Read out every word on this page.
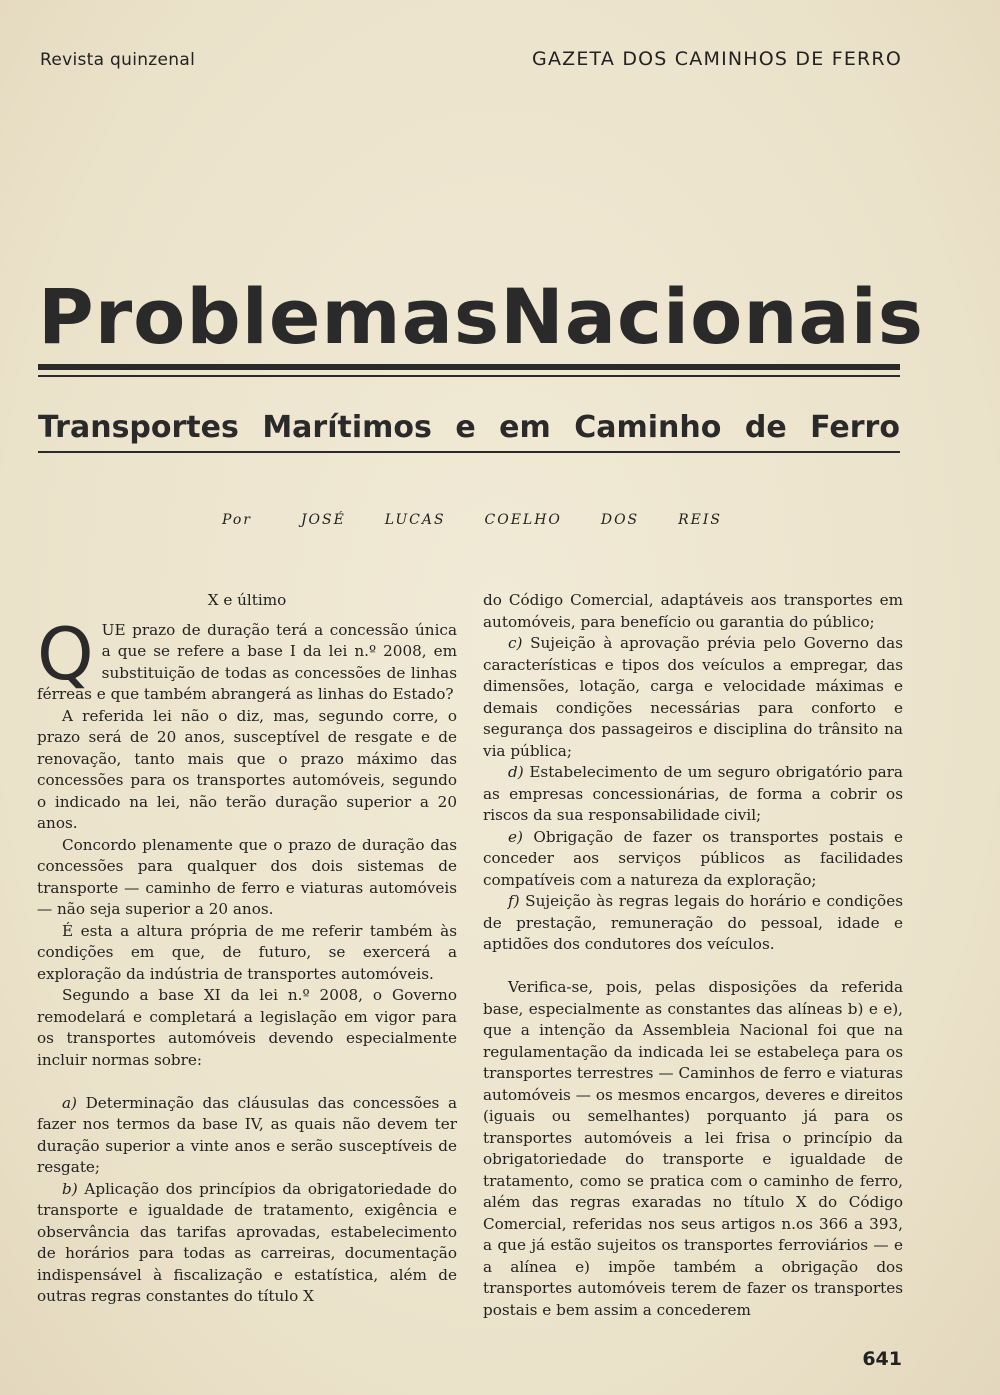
Revista quinzenal	GAZETA DOS CAMINHOS DE FERRO
Problemas Nacionais
Transportes Marítimos e em Caminho de Ferro
Por	JOSÉ	LUCAS	COELHO	DOS	REIS

X e último

QUE prazo de duração terá a concessão única a que se refere a base I da lei n.º 2008, em substituição de todas as concessões de linhas férreas e que também abrangerá as linhas do Estado?

A referida lei não o diz, mas, segundo corre, o prazo será de 20 anos, susceptível de resgate e de renovação, tanto mais que o prazo máximo das concessões para os transportes automóveis, segundo o indicado na lei, não terão duração superior a 20 anos.

Concordo plenamente que o prazo de duração das concessões para qualquer dos dois sistemas de transporte — caminho de ferro e viaturas automóveis — não seja superior a 20 anos.

É esta a altura própria de me referir também às condições em que, de futuro, se exercerá a exploração da indústria de transportes automóveis.

Segundo a base XI da lei n.º 2008, o Governo remodelará e completará a legislação em vigor para os transportes automóveis devendo especialmente incluir normas sobre:

a) Determinação das cláusulas das concessões a fazer nos termos da base IV, as quais não devem ter duração superior a vinte anos e serão susceptíveis de resgate;

b) Aplicação dos princípios da obrigatoriedade do transporte e igualdade de tratamento, exigência e observância das tarifas aprovadas, estabelecimento de horários para todas as carreiras, documentação indispensável à fiscalização e estatística, além de outras regras constantes do título X

do Código Comercial, adaptáveis aos transportes em automóveis, para benefício ou garantia do público;

c) Sujeição à aprovação prévia pelo Governo das características e tipos dos veículos a empregar, das dimensões, lotação, carga e velocidade máximas e demais condições necessárias para conforto e segurança dos passageiros e disciplina do trânsito na via pública;

d) Estabelecimento de um seguro obrigatório para as empresas concessionárias, de forma a cobrir os riscos da sua responsabilidade civil;

e) Obrigação de fazer os transportes postais e conceder aos serviços públicos as facilidades compatíveis com a natureza da exploração;

f) Sujeição às regras legais do horário e condições de prestação, remuneração do pessoal, idade e aptidões dos condutores dos veículos.

Verifica-se, pois, pelas disposições da referida base, especialmente as constantes das alíneas b) e e), que a intenção da Assembleia Nacional foi que na regulamentação da indicada lei se estabeleça para os transportes terrestres — Caminhos de ferro e viaturas automóveis — os mesmos encargos, deveres e direitos (iguais ou semelhantes) porquanto já para os transportes automóveis a lei frisa o princípio da obrigatoriedade do transporte e igualdade de tratamento, como se pratica com o caminho de ferro, além das regras exaradas no título X do Código Comercial, referidas nos seus artigos n.os 366 a 393, a que já estão sujeitos os transportes ferroviários — e a alínea e) impõe também a obrigação dos transportes automóveis terem de fazer os transportes postais e bem assim a concederem

641
